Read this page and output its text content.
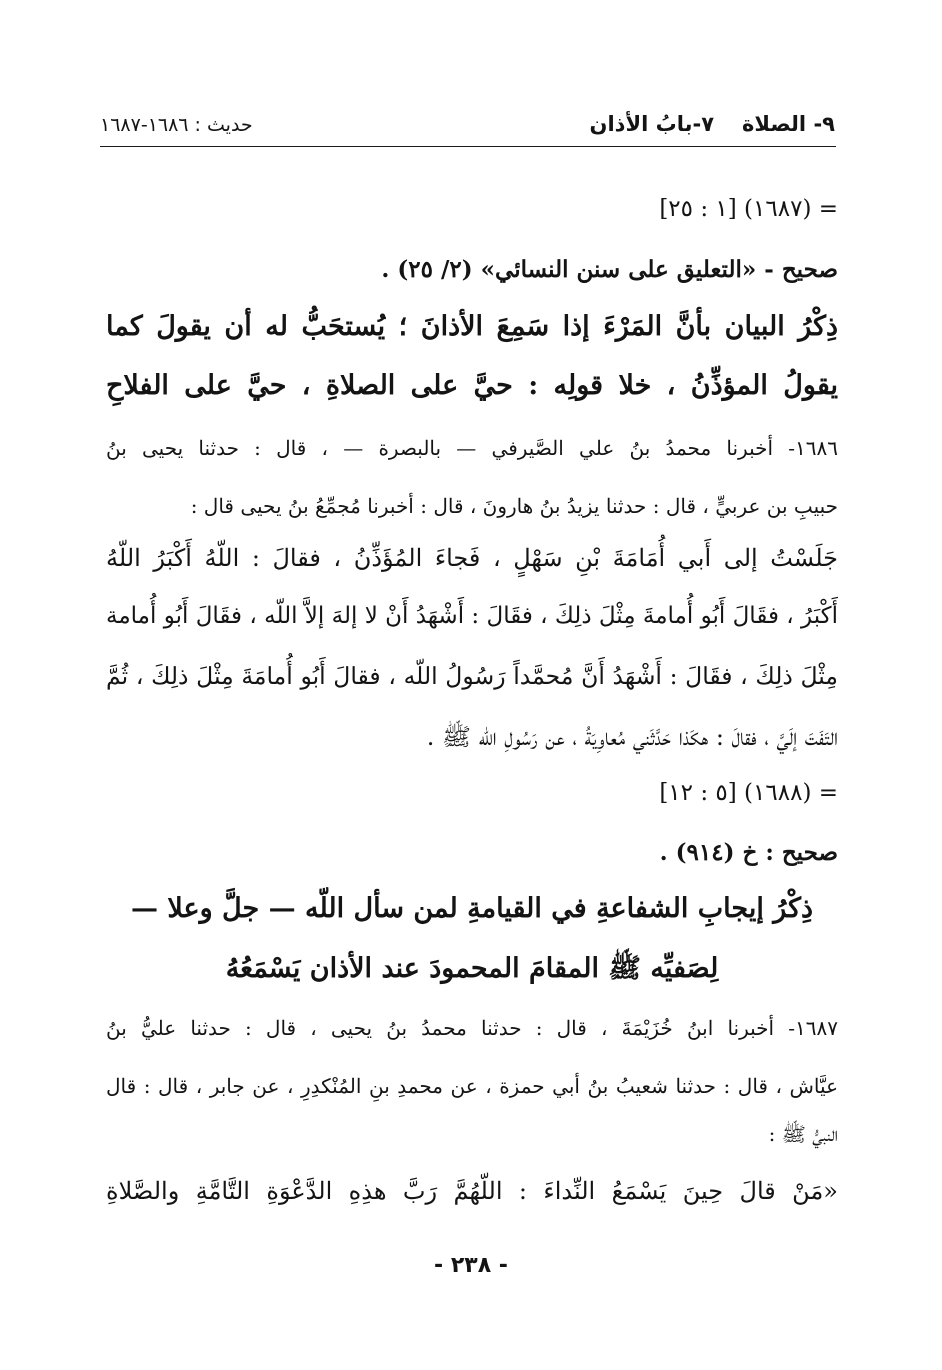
٩- الصلاة٧-بابُ الأذان
حديث : ١٦٨٦-١٦٨٧
= (١٦٨٧) [١ : ٢٥]
صحيح - «التعليق على سنن النسائي» (٢/ ٢٥) .
ذِكْرُ البيان بأنَّ المَرْءَ إذا سَمِعَ الأذانَ ؛ يُستحَبُّ له أن يقولَ كما
يقولُ المؤذِّنُ ، خلا قولِه : حيَّ على الصلاةِ ، حيَّ على الفلاحِ
١٦٨٦- أخبرنا محمدُ بنُ علي الصَّيرفي — بالبصرة — ، قال : حدثنا يحيى بنُ
حبيبِ بن عربيٍّ ، قال : حدثنا يزيدُ بنُ هارونَ ، قال : أخبرنا مُجمِّعُ بنُ يحيى قال :
جَلَسْتُ إلى أَبي أُمَامَةَ بْنِ سَهْلٍ ، فَجاءَ المُؤَذِّنُ ، فقالَ : اللّهُ أَكْبَرُ اللّهُ
أَكْبَرُ ، فقَالَ أَبُو أُمامةَ مِثْلَ ذلِكَ ، فقَالَ : أَشْهَدُ أَنْ لا إلهَ إلاَّ اللّه ، فقَالَ أَبُو أُمامة
مِثْلَ ذلِكَ ، فقَالَ : أَشْهَدُ أَنَّ مُحمَّداً رَسُولُ اللّه ، فقالَ أَبُو أُمامَةَ مِثْلَ ذلِكَ ، ثُمَّ
التَفَتَ إلَيَّ ، فقالَ : هكَذا حَدَّثَني مُعاوِيَةُ ، عن رَسُولِ اللّه ﷺ .
= (١٦٨٨) [٥ : ١٢]
صحيح : خ (٩١٤) .
ذِكْرُ إيجابِ الشفاعةِ في القيامةِ لمن سأل اللّه — جلَّ وعلا —
لِصَفيِّه ﷺ المقامَ المحمودَ عند الأذان يَسْمَعُهُ
١٦٨٧- أخبرنا ابنُ خُزَيْمَةَ ، قال : حدثنا محمدُ بنُ يحيى ، قال : حدثنا عليُّ بنُ
عيَّاش ، قال : حدثنا شعيبُ بنُ أبي حمزة ، عن محمدِ بنِ المُنْكدِرِ ، عن جابر ، قال : قال
النبيُّ ﷺ :
«مَنْ قالَ حِينَ يَسْمَعُ النِّداءَ : اللّهُمَّ رَبَّ هذِهِ الدَّعْوَةِ التَّامَّةِ والصَّلاةِ
- ٢٣٨ -
